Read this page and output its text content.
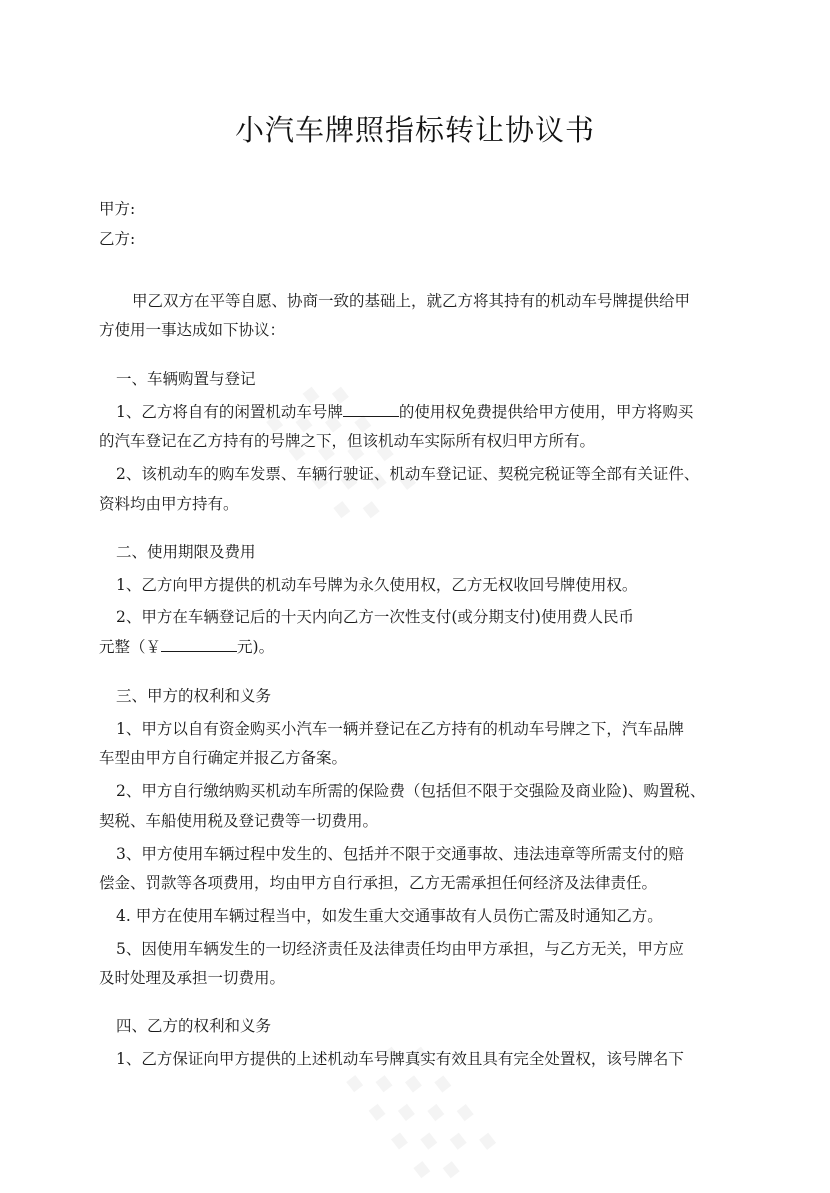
小汽车牌照指标转让协议书
甲方:
乙方:
甲乙双方在平等自愿、协商一致的基础上，就乙方将其持有的机动车号牌提供给甲
方使用一事达成如下协议：
一、车辆购置与登记
1、乙方将自有的闲置机动车号牌	的使用权免费提供给甲方使用，甲方将购买
的汽车登记在乙方持有的号牌之下，但该机动车实际所有权归甲方所有。
2、该机动车的购车发票、车辆行驶证、机动车登记证、契税完税证等全部有关证件、
资料均由甲方持有。
二、使用期限及费用
1、乙方向甲方提供的机动车号牌为永久使用权，乙方无权收回号牌使用权。
2、甲方在车辆登记后的十天内向乙方一次性支付(或分期支付)使用费人民币
元整（￥	元)。
三、甲方的权利和义务
1、甲方以自有资金购买小汽车一辆并登记在乙方持有的机动车号牌之下，汽车品牌
车型由甲方自行确定并报乙方备案。
2、甲方自行缴纳购买机动车所需的保险费（包括但不限于交强险及商业险)、购置税、
契税、车船使用税及登记费等一切费用。
3、甲方使用车辆过程中发生的、包括并不限于交通事故、违法违章等所需支付的赔
偿金、罚款等各项费用，均由甲方自行承担，乙方无需承担任何经济及法律责任。
4. 甲方在使用车辆过程当中，如发生重大交通事故有人员伤亡需及时通知乙方。
5、因使用车辆发生的一切经济责任及法律责任均由甲方承担，与乙方无关，甲方应
及时处理及承担一切费用。
四、乙方的权利和义务
1、乙方保证向甲方提供的上述机动车号牌真实有效且具有完全处置权，该号牌名下
